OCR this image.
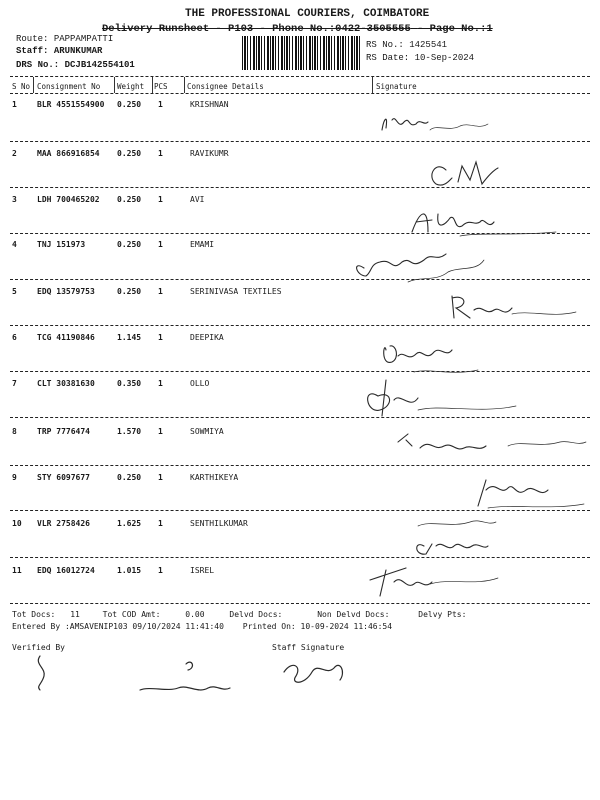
THE PROFESSIONAL COURIERS, COIMBATORE
Delivery Runsheet - P103 - Phone No.:0422-3505555 - Page No.:1
Route: PAPPAMPATTI
Staff: ARUNKUMAR
DRS No.: DCJB142554101
RS No.: 1425541
RS Date: 10-Sep-2024
S No Consignment No Weight PCS	Consignee Details	Signature
1	BLR 4551554900 0.250 1	KRISHNAN
2	MAA 866916854 0.250 1	RAVIKUMR
3	LDH 700465202 0.250 1	AVI
4	TNJ 151973	0.250 1	EMAMI
5	EDQ 13579753	0.250 1	SERINIVASA TEXTILES
6	TCG 41190846	1.145 1	DEEPIKA
7	CLT 30381630	0.350 1	OLLO
8	TRP 7776474	1.570 1	SOWMIYA
9	STY 6097677	0.250 1	KARTHIKEYA
10 VLR 2758426	1.625 1	SENTHILKUMAR
11 EDQ 16012724	1.015 1	ISREL
Tot Docs: 11	Tot COD Amt:	0.00	Delvd Docs:	Non Delvd Docs:	Delvy Pts:
Entered By :AMSAVENIP103 09/10/2024 11:41:40 Printed On: 10-09-2024 11:46:54
Verified By	Staff Signature
